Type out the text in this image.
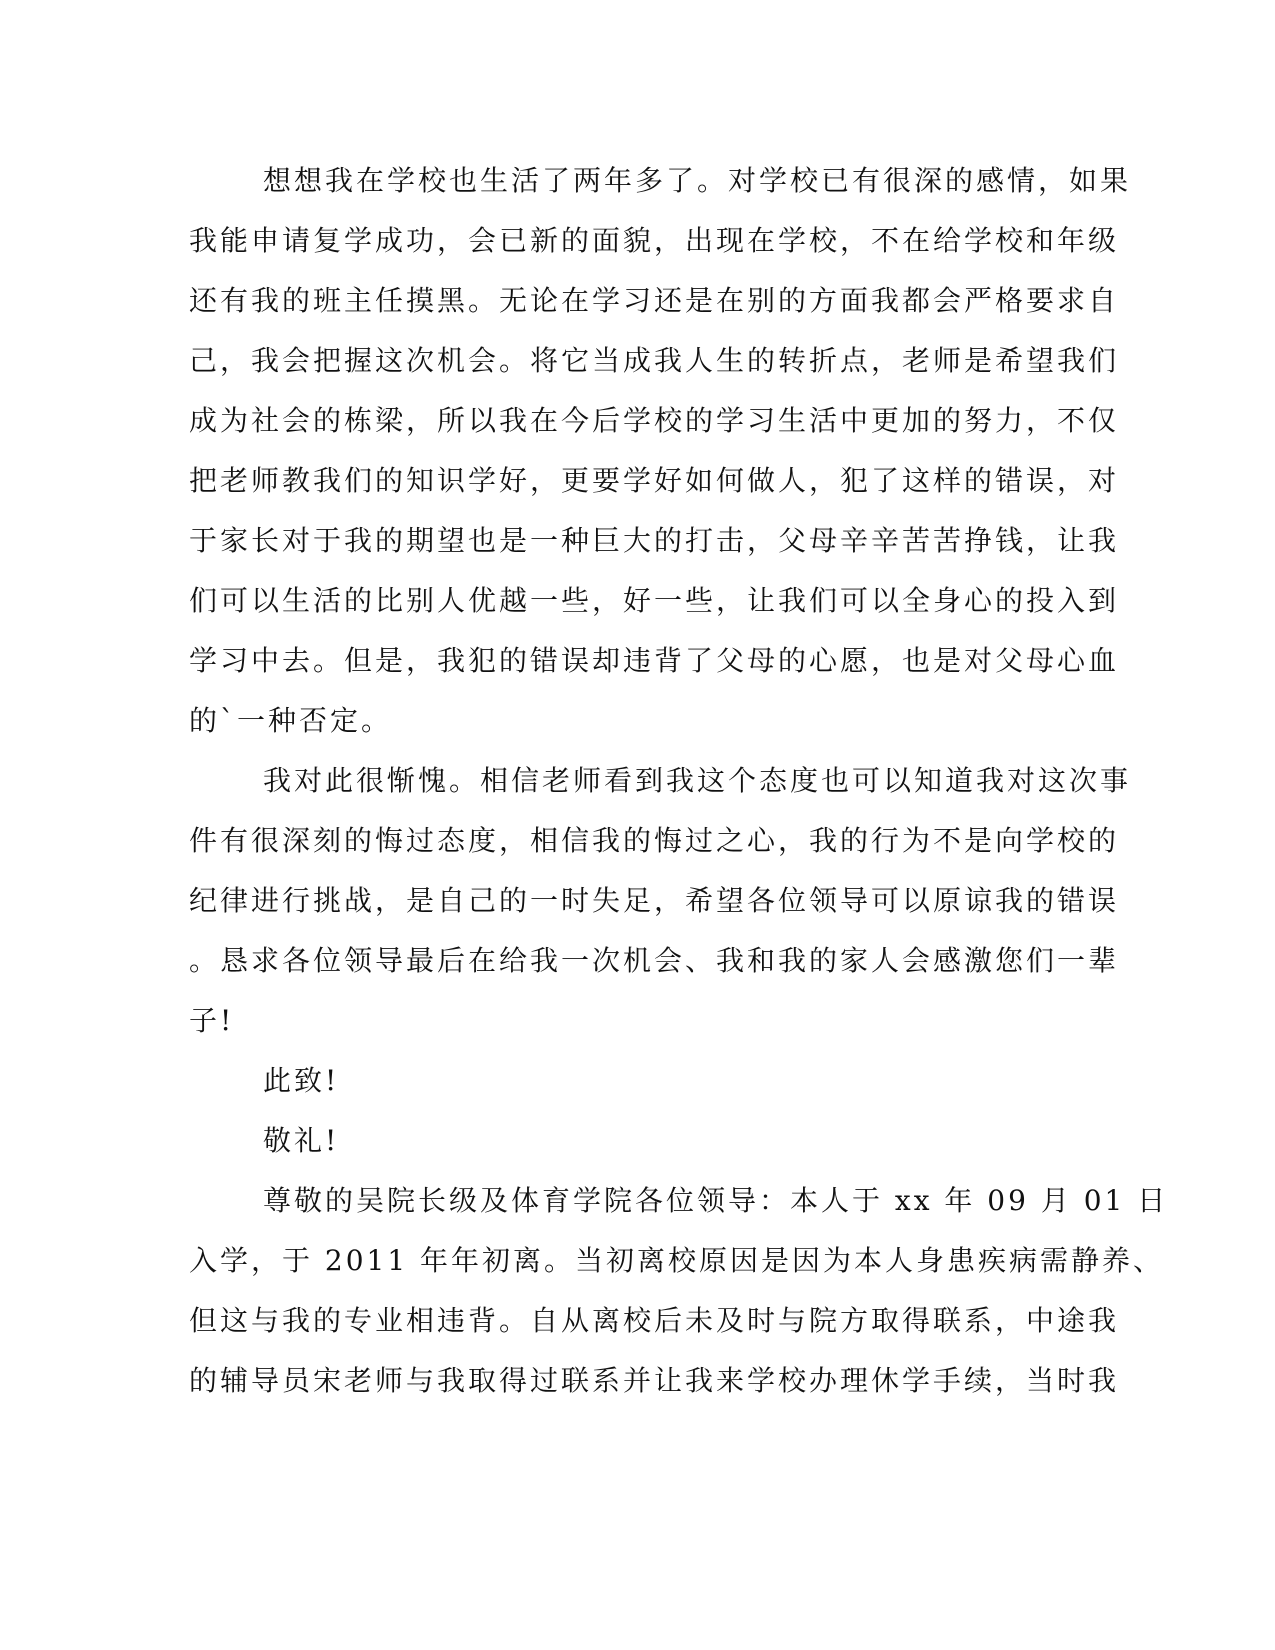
想想我在学校也生活了两年多了。对学校已有很深的感情，如果
我能申请复学成功，会已新的面貌，出现在学校，不在给学校和年级
还有我的班主任摸黑。无论在学习还是在别的方面我都会严格要求自
己，我会把握这次机会。将它当成我人生的转折点，老师是希望我们
成为社会的栋梁，所以我在今后学校的学习生活中更加的努力，不仅
把老师教我们的知识学好，更要学好如何做人，犯了这样的错误，对
于家长对于我的期望也是一种巨大的打击，父母辛辛苦苦挣钱，让我
们可以生活的比别人优越一些，好一些，让我们可以全身心的投入到
学习中去。但是，我犯的错误却违背了父母的心愿，也是对父母心血
的`一种否定。
我对此很惭愧。相信老师看到我这个态度也可以知道我对这次事
件有很深刻的悔过态度，相信我的悔过之心，我的行为不是向学校的
纪律进行挑战，是自己的一时失足，希望各位领导可以原谅我的错误
。恳求各位领导最后在给我一次机会、我和我的家人会感激您们一辈
子!
此致!
敬礼!
尊敬的吴院长级及体育学院各位领导：本人于 xx 年 09 月 01 日
入学，于 2011 年年初离。当初离校原因是因为本人身患疾病需静养、
但这与我的专业相违背。自从离校后未及时与院方取得联系，中途我
的辅导员宋老师与我取得过联系并让我来学校办理休学手续，当时我
